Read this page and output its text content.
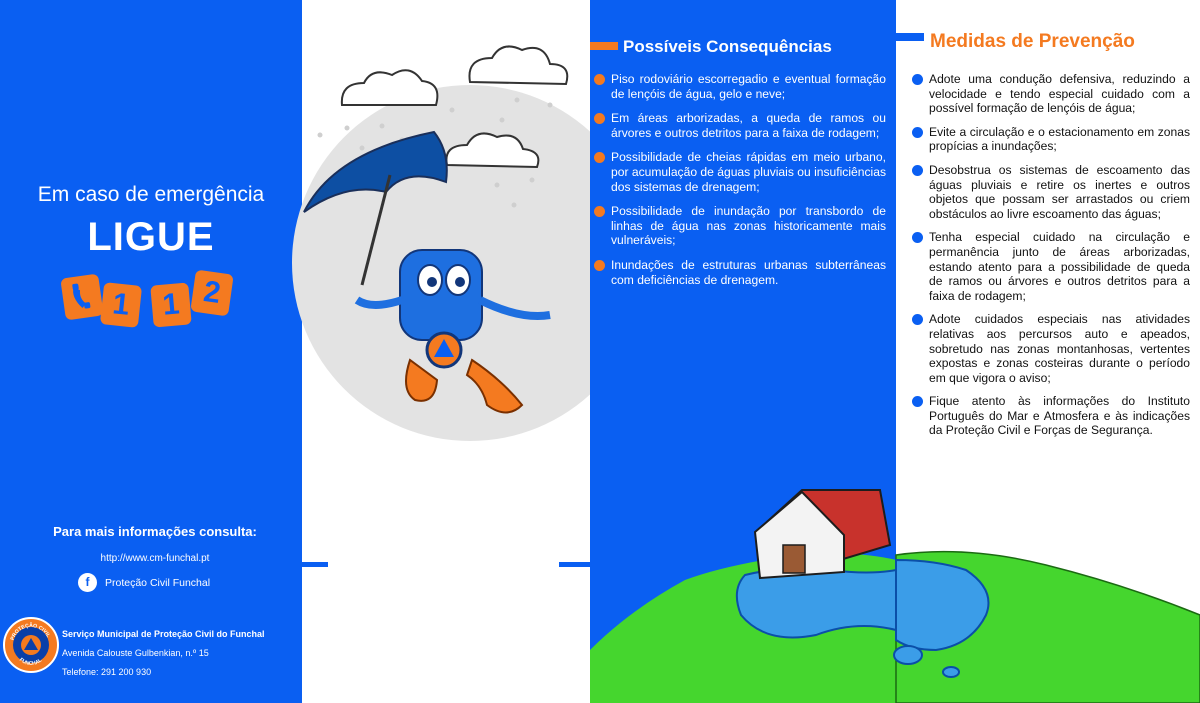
Em caso de emergência
LIGUE
1	1 2
Para mais informações consulta:
http://www.cm-funchal.pt
f	Proteção Civil Funchal
PROTEÇÃO CIVIL
FUNCHAL
Serviço Municipal de Proteção Civil do Funchal
Avenida Calouste Gulbenkian, n.º 15
Telefone: 291 200 930
Possíveis Consequências
Piso rodoviário escorregadio e eventual formação de lençóis de água, gelo e neve;
Em áreas arborizadas, a queda de ramos ou árvores e outros detritos para a faixa de rodagem;
Possibilidade de cheias rápidas em meio urbano, por acumulação de águas pluviais ou insuficiências dos sistemas de drenagem;
Possibilidade de inundação por transbordo de linhas de água nas zonas historicamente mais vulneráveis;
Inundações de estruturas urbanas subterrâneas com deficiências de drenagem.
Medidas de Prevenção
Adote uma condução defensiva, reduzindo a velocidade e tendo especial cuidado com a possível formação de lençóis de água;
Evite a circulação e o estacionamento em zonas propícias a inundações;
Desobstrua os sistemas de escoamento das águas pluviais e retire os inertes e outros objetos que possam ser arrastados ou criem obstáculos ao livre escoamento das águas;
Tenha especial cuidado na circulação e permanência junto de áreas arborizadas, estando atento para a possibilidade de queda de ramos ou árvores e outros detritos para a faixa de rodagem;
Adote cuidados especiais nas atividades relativas aos percursos auto e apeados, sobretudo nas zonas montanhosas, vertentes expostas e zonas costeiras durante o período em que vigora o aviso;
Fique atento às informações do Instituto Português do Mar e Atmosfera e às indicações da Proteção Civil e Forças de Segurança.
